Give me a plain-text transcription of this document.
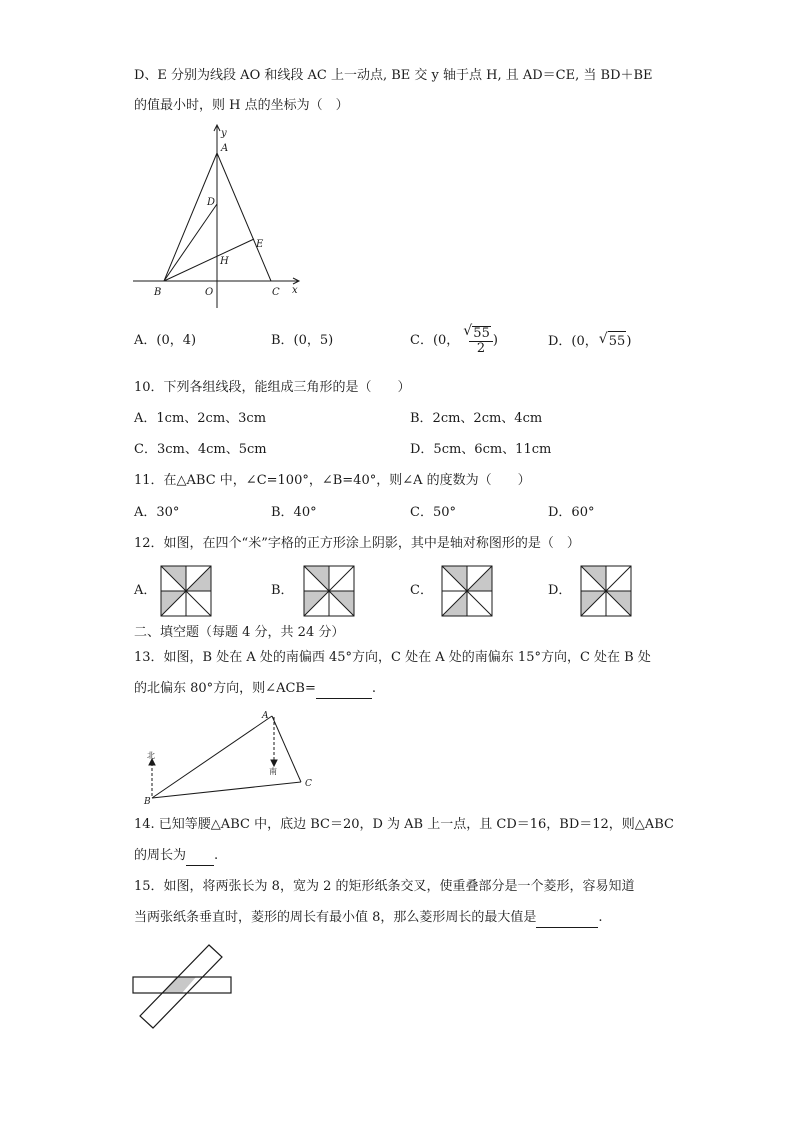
D、E 分别为线段 AO 和线段 AC 上一动点, BE 交 y 轴于点 H, 且 AD＝CE, 当 BD＋BE
的值最小时，则 H 点的坐标为（　）
y
A
D
E
H
B	O	C x
A．(0，4)	B．(0，5)	C．(0， √ $\frac{55}{2}$ )	D．(0， √ 55)
10．下列各组线段，能组成三角形的是（　　）
A．1cm、2cm、3cm	B．2cm、2cm、4cm
C．3cm、4cm、5cm	D．5cm、6cm、11cm
11．在△ABC 中，∠C=100°，∠B=40°，则∠A 的度数为（　　）
A．30°	B．40°	C．50°	D．60°
12．如图，在四个“米”字格的正方形涂上阴影，其中是轴对称图形的是（　）
A．	B．	C．	D．
二、填空题（每题 4 分，共 24 分）
13．如图，B 处在 A 处的南偏西 45°方向，C 处在 A 处的南偏东 15°方向，C 处在 B 处
的北偏东 80°方向，则∠ACB=	.
A
B
C
北
南
14. 已知等腰△ABC 中，底边 BC＝20，D 为 AB 上一点，且 CD＝16，BD＝12，则△ABC
的周长为 .
15．如图，将两张长为 8，宽为 2 的矩形纸条交叉，使重叠部分是一个菱形，容易知道
当两张纸条垂直时，菱形的周长有最小值 8，那么菱形周长的最大值是	.
